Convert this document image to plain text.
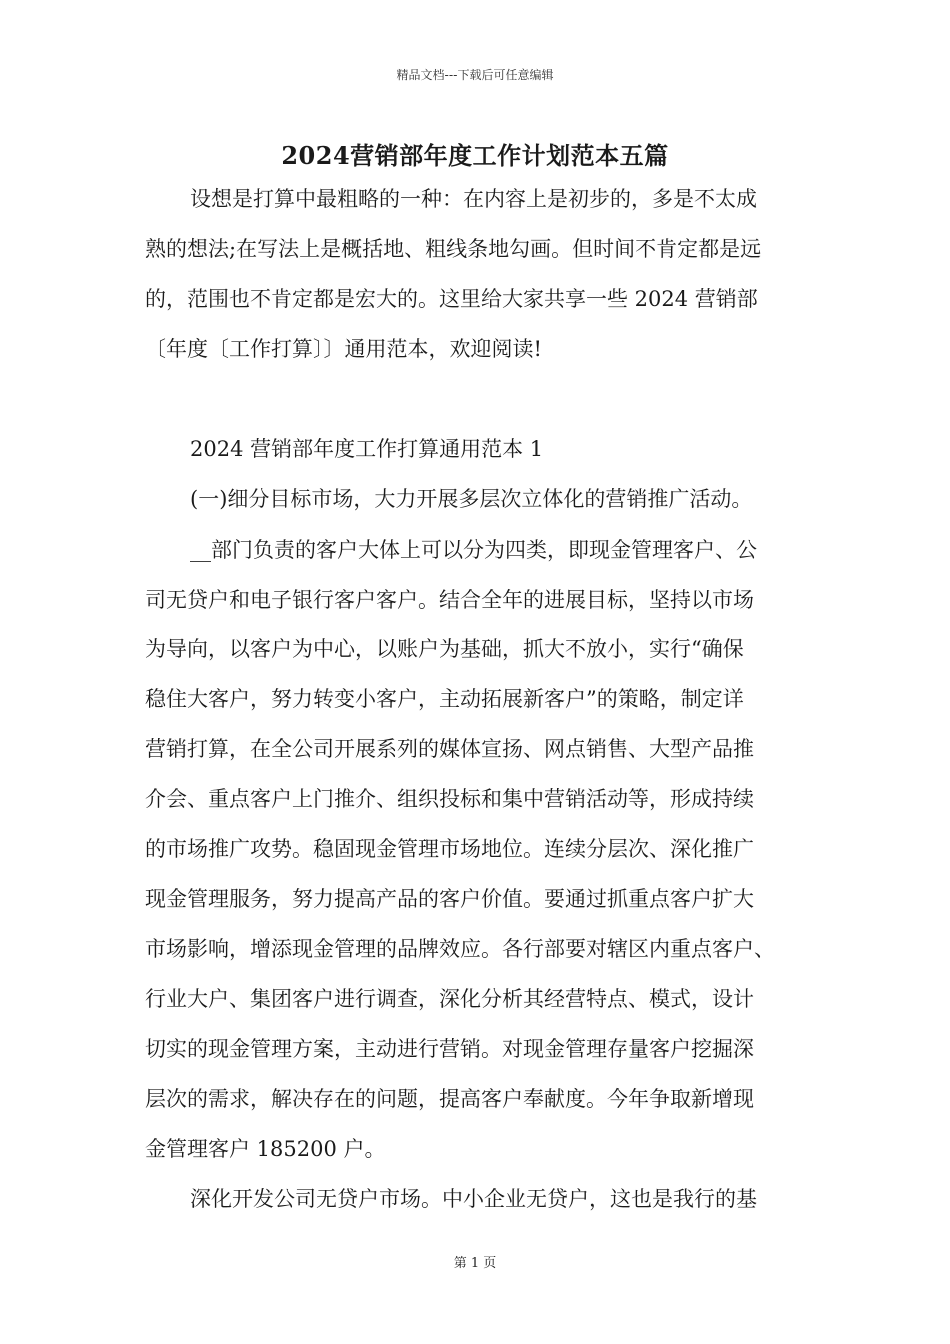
精品文档---下载后可任意编辑
2024营销部年度工作计划范本五篇
设想是打算中最粗略的一种：在内容上是初步的，多是不太成
熟的想法;在写法上是概括地、粗线条地勾画。但时间不肯定都是远
的，范围也不肯定都是宏大的。这里给大家共享一些 2024 营销部
〔年度〔工作打算〕〕通用范本，欢迎阅读!
2024 营销部年度工作打算通用范本 1
(一)细分目标市场，大力开展多层次立体化的营销推广活动。
__部门负责的客户大体上可以分为四类，即现金管理客户、公
司无贷户和电子银行客户客户。结合全年的进展目标，坚持以市场
为导向，以客户为中心，以账户为基础，抓大不放小，实行“确保
稳住大客户，努力转变小客户，主动拓展新客户”的策略，制定详
营销打算，在全公司开展系列的媒体宣扬、网点销售、大型产品推
介会、重点客户上门推介、组织投标和集中营销活动等，形成持续
的市场推广攻势。稳固现金管理市场地位。连续分层次、深化推广
现金管理服务，努力提高产品的客户价值。要通过抓重点客户扩大
市场影响，增添现金管理的品牌效应。各行部要对辖区内重点客户、
行业大户、集团客户进行调查，深化分析其经营特点、模式，设计
切实的现金管理方案，主动进行营销。对现金管理存量客户挖掘深
层次的需求，解决存在的问题，提高客户奉献度。今年争取新增现
金管理客户 185200 户。
深化开发公司无贷户市场。中小企业无贷户，这也是我行的基
第 1 页
